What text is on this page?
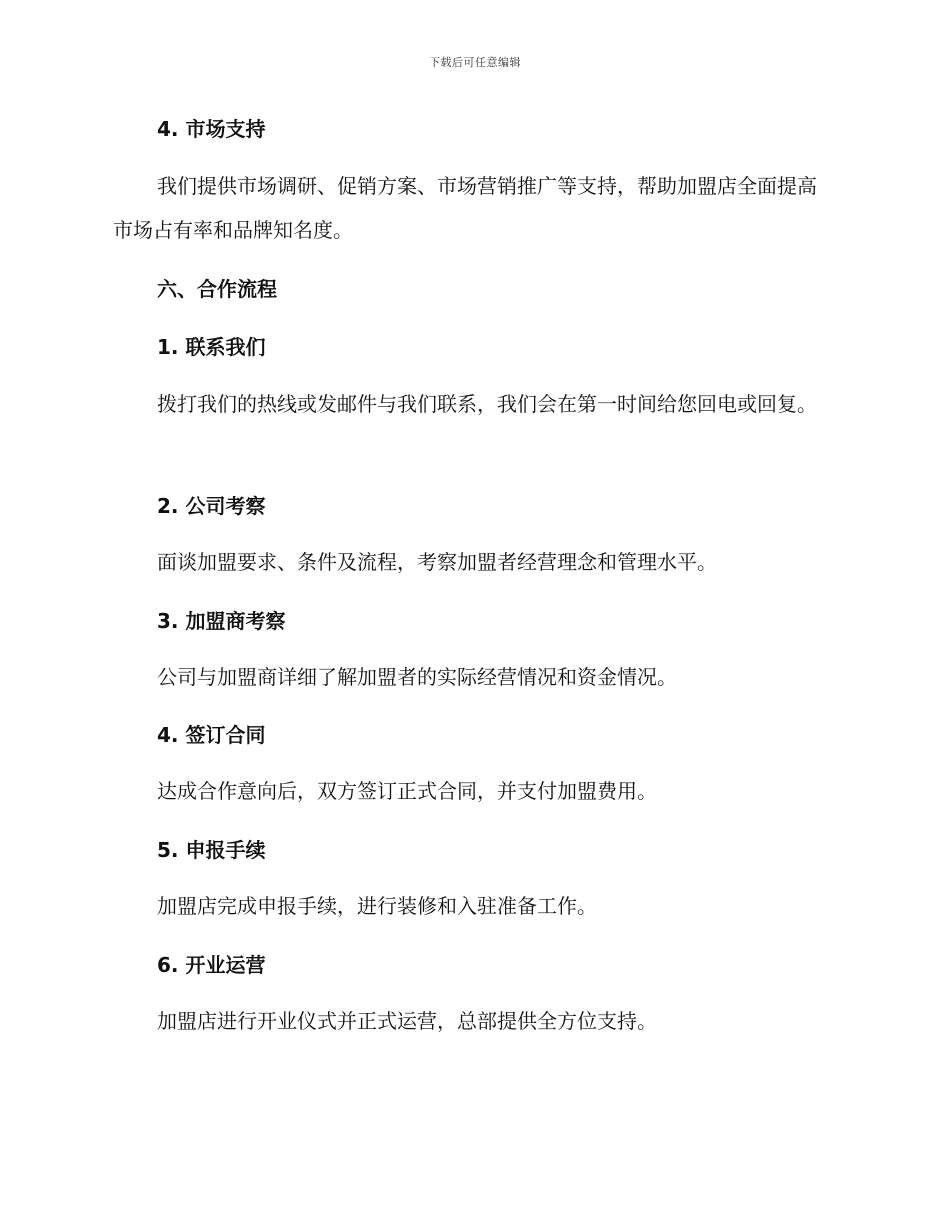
下载后可任意编辑
4. 市场支持
我们提供市场调研、促销方案、市场营销推广等支持，帮助加盟店全面提高市场占有率和品牌知名度。
六、合作流程
1. 联系我们
拨打我们的热线或发邮件与我们联系，我们会在第一时间给您回电或回复。
2. 公司考察
面谈加盟要求、条件及流程，考察加盟者经营理念和管理水平。
3. 加盟商考察
公司与加盟商详细了解加盟者的实际经营情况和资金情况。
4. 签订合同
达成合作意向后，双方签订正式合同，并支付加盟费用。
5. 申报手续
加盟店完成申报手续，进行装修和入驻准备工作。
6. 开业运营
加盟店进行开业仪式并正式运营，总部提供全方位支持。
